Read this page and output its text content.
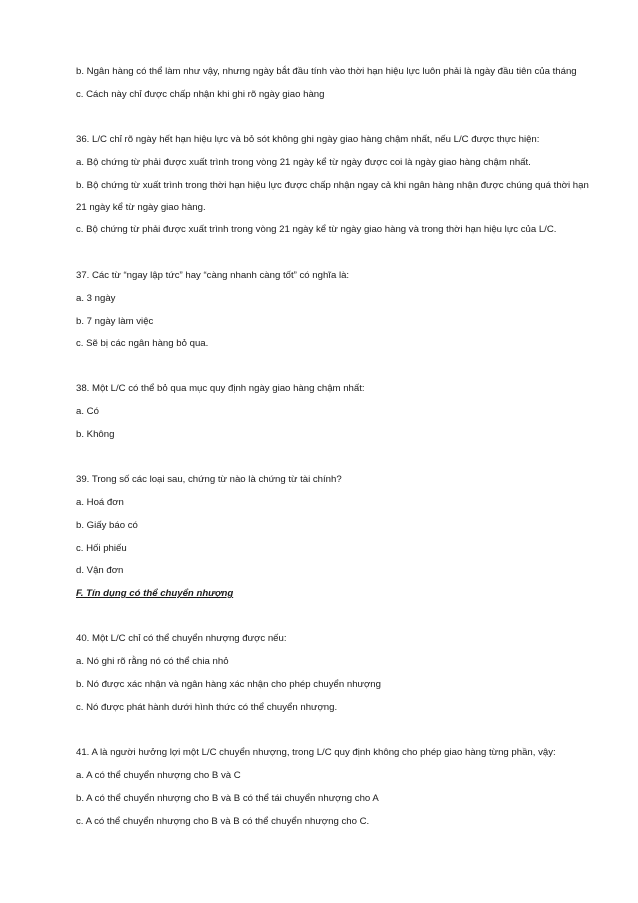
b. Ngân hàng có thể làm như vậy, nhưng ngày bắt đầu tính vào thời hạn hiệu lực luôn phải là ngày đầu tiên của tháng
c. Cách này chỉ được chấp nhận khi ghi rõ ngày giao hàng
36. L/C chỉ rõ ngày hết hạn hiệu lực và bỏ sót không ghi ngày giao hàng chậm nhất, nếu L/C được thực hiện:
a. Bộ chứng từ phải được xuất trình trong vòng 21 ngày kể từ ngày được coi là ngày giao hàng chậm nhất.
b. Bộ chứng từ xuất trình trong thời hạn hiệu lực được chấp nhận ngay cả khi ngân hàng nhận được chúng quá thời hạn
21 ngày kể từ ngày giao hàng.
c. Bộ chứng từ phải được xuất trình trong vòng 21 ngày kể từ ngày giao hàng và trong thời hạn hiệu lực của L/C.
37. Các từ “ngay lập tức” hay “càng nhanh càng tốt” có nghĩa là:
a. 3 ngày
b. 7 ngày làm việc
c. Sẽ bị các ngân hàng bỏ qua.
38. Một L/C có thể bỏ qua mục quy định ngày giao hàng chậm nhất:
a. Có
b. Không
39. Trong số các loại sau, chứng từ nào là chứng từ tài chính?
a. Hoá đơn
b. Giấy báo có
c. Hối phiếu
d. Vận đơn
F. Tín dụng có thể chuyển nhượng
40. Một L/C chỉ có thể chuyển nhượng được nếu:
a. Nó ghi rõ rằng nó có thể chia nhỏ
b. Nó được xác nhận và ngân hàng xác nhận cho phép chuyển nhượng
c. Nó được phát hành dưới hình thức có thể chuyển nhượng.
41. A là người hưởng lợi một L/C chuyển nhượng, trong L/C quy định không cho phép giao hàng từng phần, vậy:
a. A có thể chuyển nhượng cho B và C
b. A có thể chuyển nhượng cho B và B có thể tái chuyển nhượng cho A
c. A có thể chuyển nhượng cho B và B có thể chuyển nhượng cho C.
